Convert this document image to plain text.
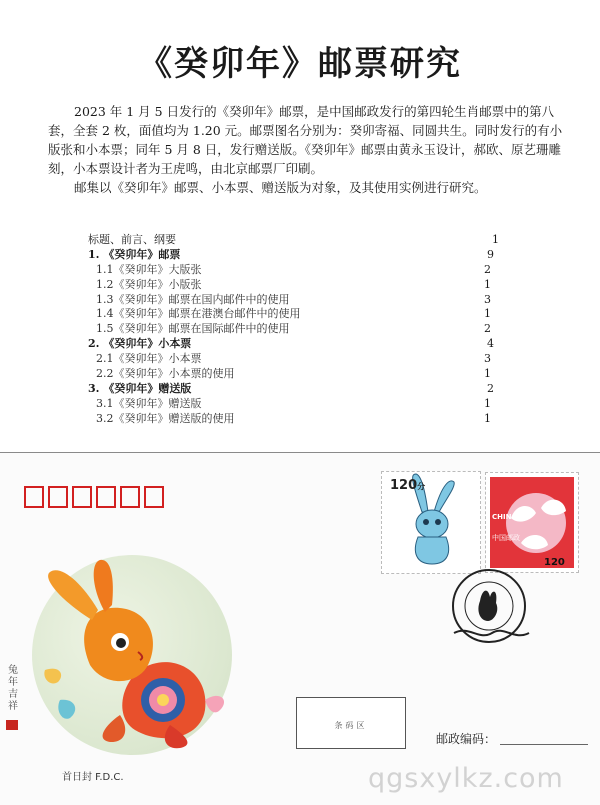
《癸卯年》邮票研究

2023 年 1 月 5 日发行的《癸卯年》邮票，是中国邮政发行的第四轮生肖邮票中的第八套，全套 2 枚，面值均为 1.20 元。邮票图名分别为：癸卯寄福、同圆共生。同时发行的有小版张和小本票；同年 5 月 8 日，发行赠送版。《癸卯年》邮票由黄永玉设计，郝欧、原艺珊雕刻，小本票设计者为王虎鸣，由北京邮票厂印刷。

邮集以《癸卯年》邮票、小本票、赠送版为对象，及其使用实例进行研究。

标题、前言、纲要	1
1. 《癸卯年》邮票	9
1.1《癸卯年》大版张	2
1.2《癸卯年》小版张	1
1.3《癸卯年》邮票在国内邮件中的使用	3
1.4《癸卯年》邮票在港澳台邮件中的使用	1
1.5《癸卯年》邮票在国际邮件中的使用	2
2. 《癸卯年》小本票	4
2.1《癸卯年》小本票	3
2.2《癸卯年》小本票的使用	1
3. 《癸卯年》赠送版	2
3.1《癸卯年》赠送版	1
3.2《癸卯年》赠送版的使用	1
兔年吉祥
首日封 F.D.C.
120分
120
CHINA
中国邮政
条码区
邮政编码：
qgsxylkz.com
